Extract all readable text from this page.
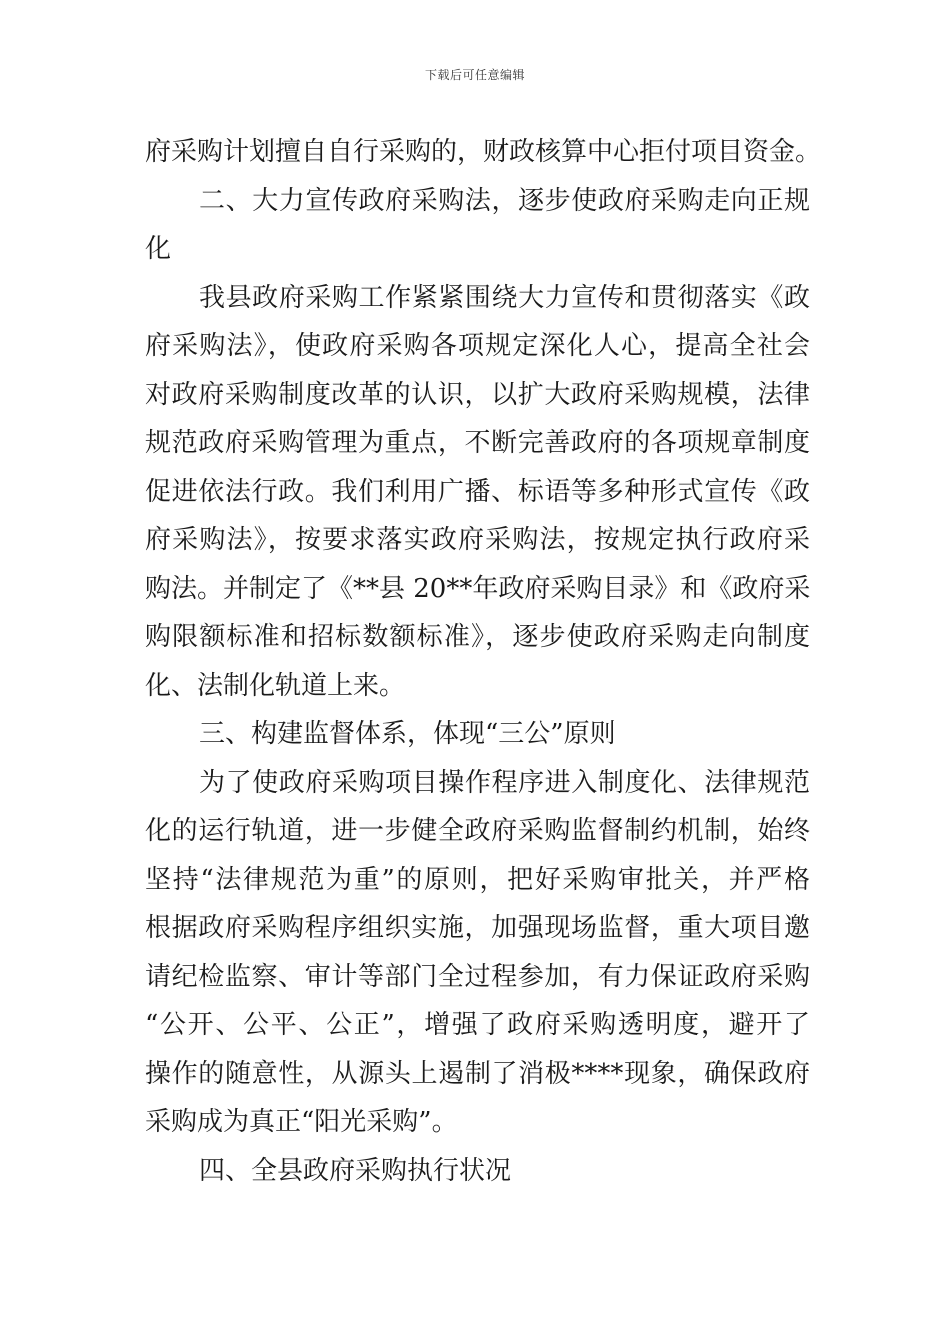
下载后可任意编辑
府采购计划擅自自行采购的，财政核算中心拒付项目资金。
二、大力宣传政府采购法，逐步使政府采购走向正规
化
我县政府采购工作紧紧围绕大力宣传和贯彻落实《政
府采购法》，使政府采购各项规定深化人心，提高全社会
对政府采购制度改革的认识，以扩大政府采购规模，法律
规范政府采购管理为重点，不断完善政府的各项规章制度
促进依法行政。我们利用广播、标语等多种形式宣传《政
府采购法》，按要求落实政府采购法，按规定执行政府采
购法。并制定了《**县 20**年政府采购目录》和《政府采
购限额标准和招标数额标准》，逐步使政府采购走向制度
化、法制化轨道上来。
三、构建监督体系，体现“三公”原则
为了使政府采购项目操作程序进入制度化、法律规范
化的运行轨道，进一步健全政府采购监督制约机制，始终
坚持“法律规范为重”的原则，把好采购审批关，并严格
根据政府采购程序组织实施，加强现场监督，重大项目邀
请纪检监察、审计等部门全过程参加，有力保证政府采购
“公开、公平、公正”，增强了政府采购透明度，避开了
操作的随意性，从源头上遏制了消极****现象，确保政府
采购成为真正“阳光采购”。
四、全县政府采购执行状况
